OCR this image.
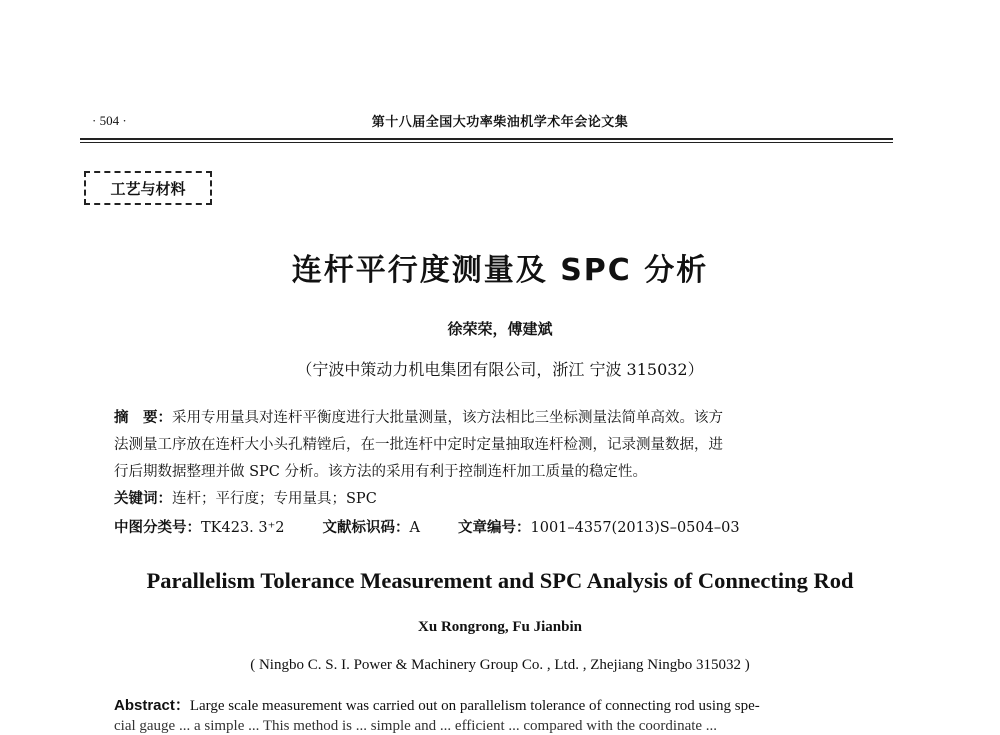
· 504 ·	第十八届全国大功率柴油机学术年会论文集
工艺与材料
连杆平行度测量及 SPC 分析
徐荣荣，傅建斌
（宁波中策动力机电集团有限公司，浙江 宁波 315032）
摘　要：采用专用量具对连杆平衡度进行大批量测量，该方法相比三坐标测量法简单高效。该方
法测量工序放在连杆大小头孔精镗后，在一批连杆中定时定量抽取连杆检测，记录测量数据，进
行后期数据整理并做 SPC 分析。该方法的采用有利于控制连杆加工质量的稳定性。
关键词：连杆；平行度；专用量具；SPC
中图分类号：TK423. 3⁺2	文献标识码：A	文章编号：1001–4357(2013)S–0504–03
Parallelism Tolerance Measurement and SPC Analysis of Connecting Rod
Xu Rongrong, Fu Jianbin
( Ningbo C. S. I. Power & Machinery Group Co. , Ltd. , Zhejiang Ningbo 315032 )
Abstract：Large scale measurement was carried out on parallelism tolerance of connecting rod using spe-
cial gauge ... a simple ... This method is ... simple and ... efficient ... compared with the coordinate ...
